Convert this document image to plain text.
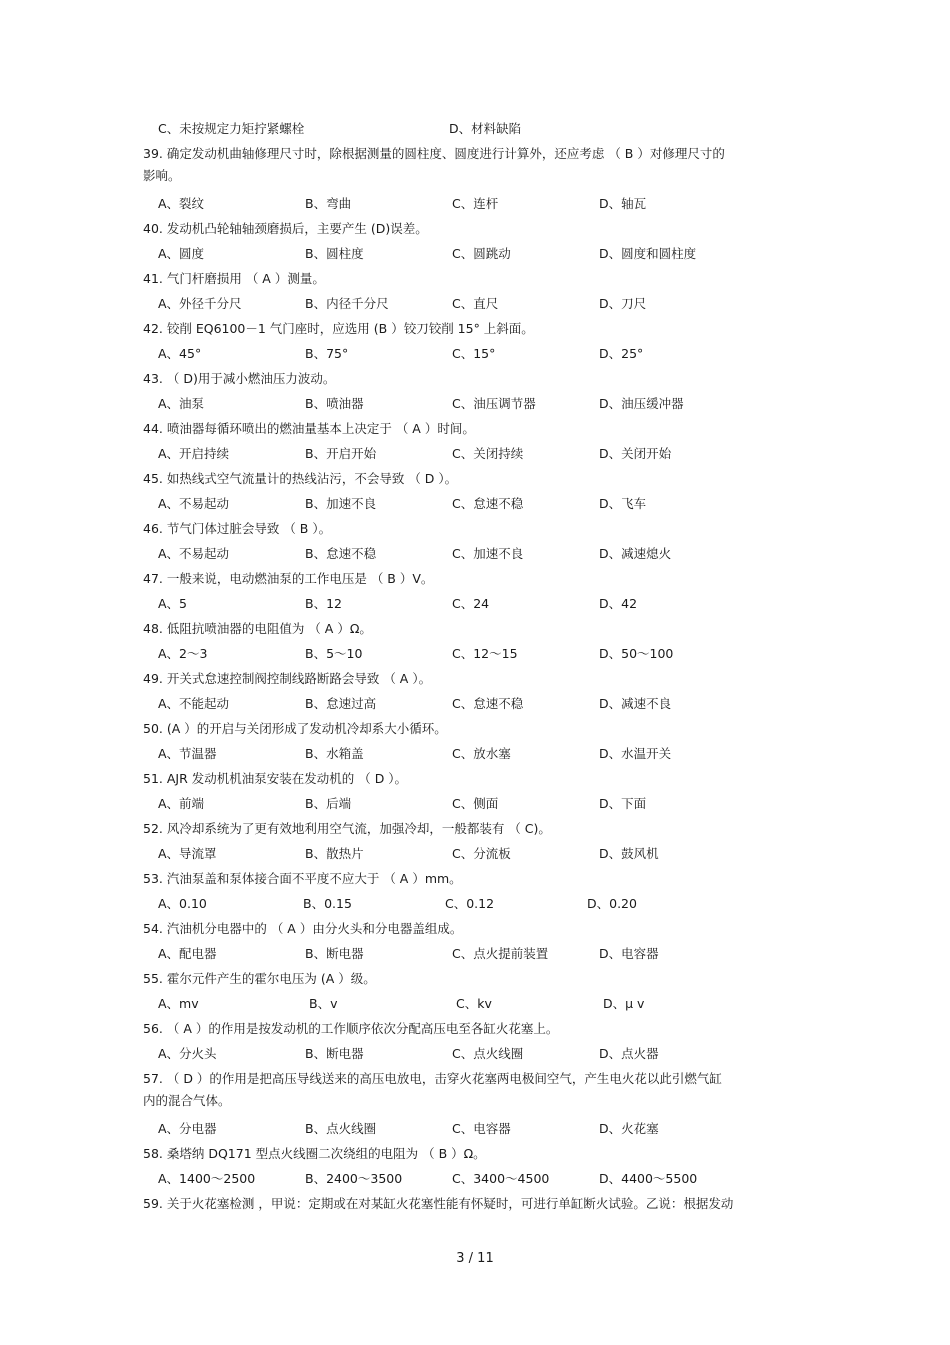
C、未按规定力矩拧紧螺栓	D、材料缺陷
39. 确定发动机曲轴修理尺寸时，除根据测量的圆柱度、圆度进行计算外，还应考虑 （ B ）对修理尺寸的
影响。
A、裂纹	B、弯曲	C、连杆	D、轴瓦
40. 发动机凸轮轴轴颈磨损后，主要产生 (D)误差。
A、圆度	B、圆柱度	C、圆跳动	D、圆度和圆柱度
41. 气门杆磨损用 （ A ）测量。
A、外径千分尺	B、内径千分尺	C、直尺	D、刀尺
42. 铰削 EQ6100－1 气门座时，应选用 (B ）铰刀铰削 15° 上斜面。
A、45°	B、75°	C、15°	D、25°
43. （ D)用于减小燃油压力波动。
A、油泵	B、喷油器	C、油压调节器	D、油压缓冲器
44. 喷油器每循环喷出的燃油量基本上决定于 （ A ）时间。
A、开启持续	B、开启开始	C、关闭持续	D、关闭开始
45. 如热线式空气流量计的热线沾污，不会导致 （ D ）。
A、不易起动	B、加速不良	C、怠速不稳	D、飞车
46. 节气门体过脏会导致 （ B ）。
A、不易起动	B、怠速不稳	C、加速不良	D、减速熄火
47. 一般来说，电动燃油泵的工作电压是 （ B ）V。
A、5	B、12	C、24	D、42
48. 低阻抗喷油器的电阻值为 （ A ）Ω。
A、2～3	B、5～10	C、12～15	D、50～100
49. 开关式怠速控制阀控制线路断路会导致 （ A ）。
A、不能起动	B、怠速过高	C、怠速不稳	D、减速不良
50. (A ）的开启与关闭形成了发动机冷却系大小循环。
A、节温器	B、水箱盖	C、放水塞	D、水温开关
51. AJR 发动机机油泵安装在发动机的 （ D ）。
A、前端	B、后端	C、侧面	D、下面
52. 风冷却系统为了更有效地利用空气流，加强冷却，一般都装有 （ C)。
A、导流罩	B、散热片	C、分流板	D、鼓风机
53. 汽油泵盖和泵体接合面不平度不应大于 （ A ）mm。
A、0.10	B、0.15	C、0.12	D、0.20
54. 汽油机分电器中的 （ A ）由分火头和分电器盖组成。
A、配电器	B、断电器	C、点火提前装置	D、电容器
55. 霍尔元件产生的霍尔电压为 (A ）级。
A、mv	B、v	C、kv	D、μ v
56. （ A ）的作用是按发动机的工作顺序依次分配高压电至各缸火花塞上。
A、分火头	B、断电器	C、点火线圈	D、点火器
57. （ D ）的作用是把高压导线送来的高压电放电，击穿火花塞两电极间空气，产生电火花以此引燃气缸
内的混合气体。
A、分电器	B、点火线圈	C、电容器	D、火花塞
58. 桑塔纳 DQ171 型点火线圈二次绕组的电阻为 （ B ）Ω。
A、1400～2500	B、2400～3500	C、3400～4500	D、4400～5500
59. 关于火花塞检测 ，甲说：定期或在对某缸火花塞性能有怀疑时，可进行单缸断火试验。乙说：根据发动
3 / 11
